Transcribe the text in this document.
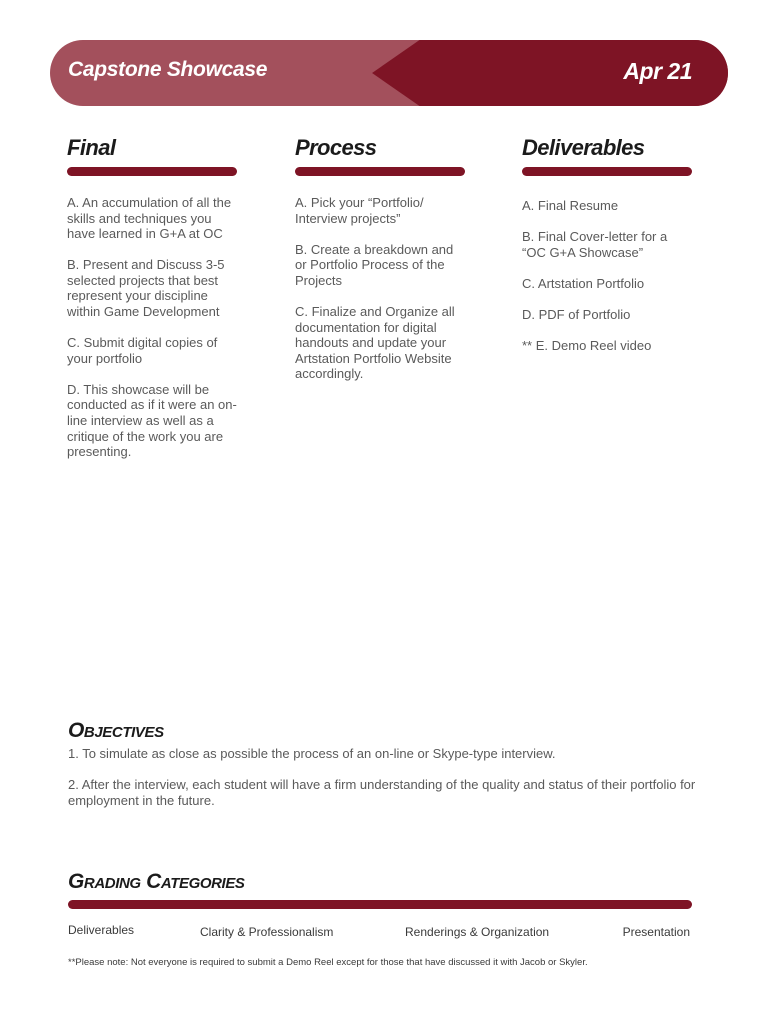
Capstone Showcase	Apr 21
Final
A. An accumulation of all the skills and techniques you have learned in G+A at OC
B. Present and Discuss 3-5 selected projects that best represent your discipline within Game Development
C. Submit digital copies of your portfolio
D. This showcase will be conducted as if it were an on-line interview as well as a critique of the work you are presenting.
Process
A. Pick your “Portfolio/ Interview projects”
B. Create a breakdown and or Portfolio Process of the Projects
C. Finalize and Organize all documentation for digital handouts and update your Artstation Portfolio Website accordingly.
Deliverables
A. Final Resume
B. Final Cover-letter for a “OC G+A Showcase”
C. Artstation Portfolio
D. PDF of Portfolio
** E. Demo Reel video
Objectives
1. To simulate as close as possible the process of an on-line or Skype-type interview.
2. After the interview, each student will have a firm understanding of the quality and status of their portfolio for employment in the future.
Grading Categories
Deliverables	Clarity & Professionalism	Renderings & Organization	Presentation
**Please note: Not everyone is required to submit a Demo Reel except for those that have discussed it with Jacob or Skyler.
